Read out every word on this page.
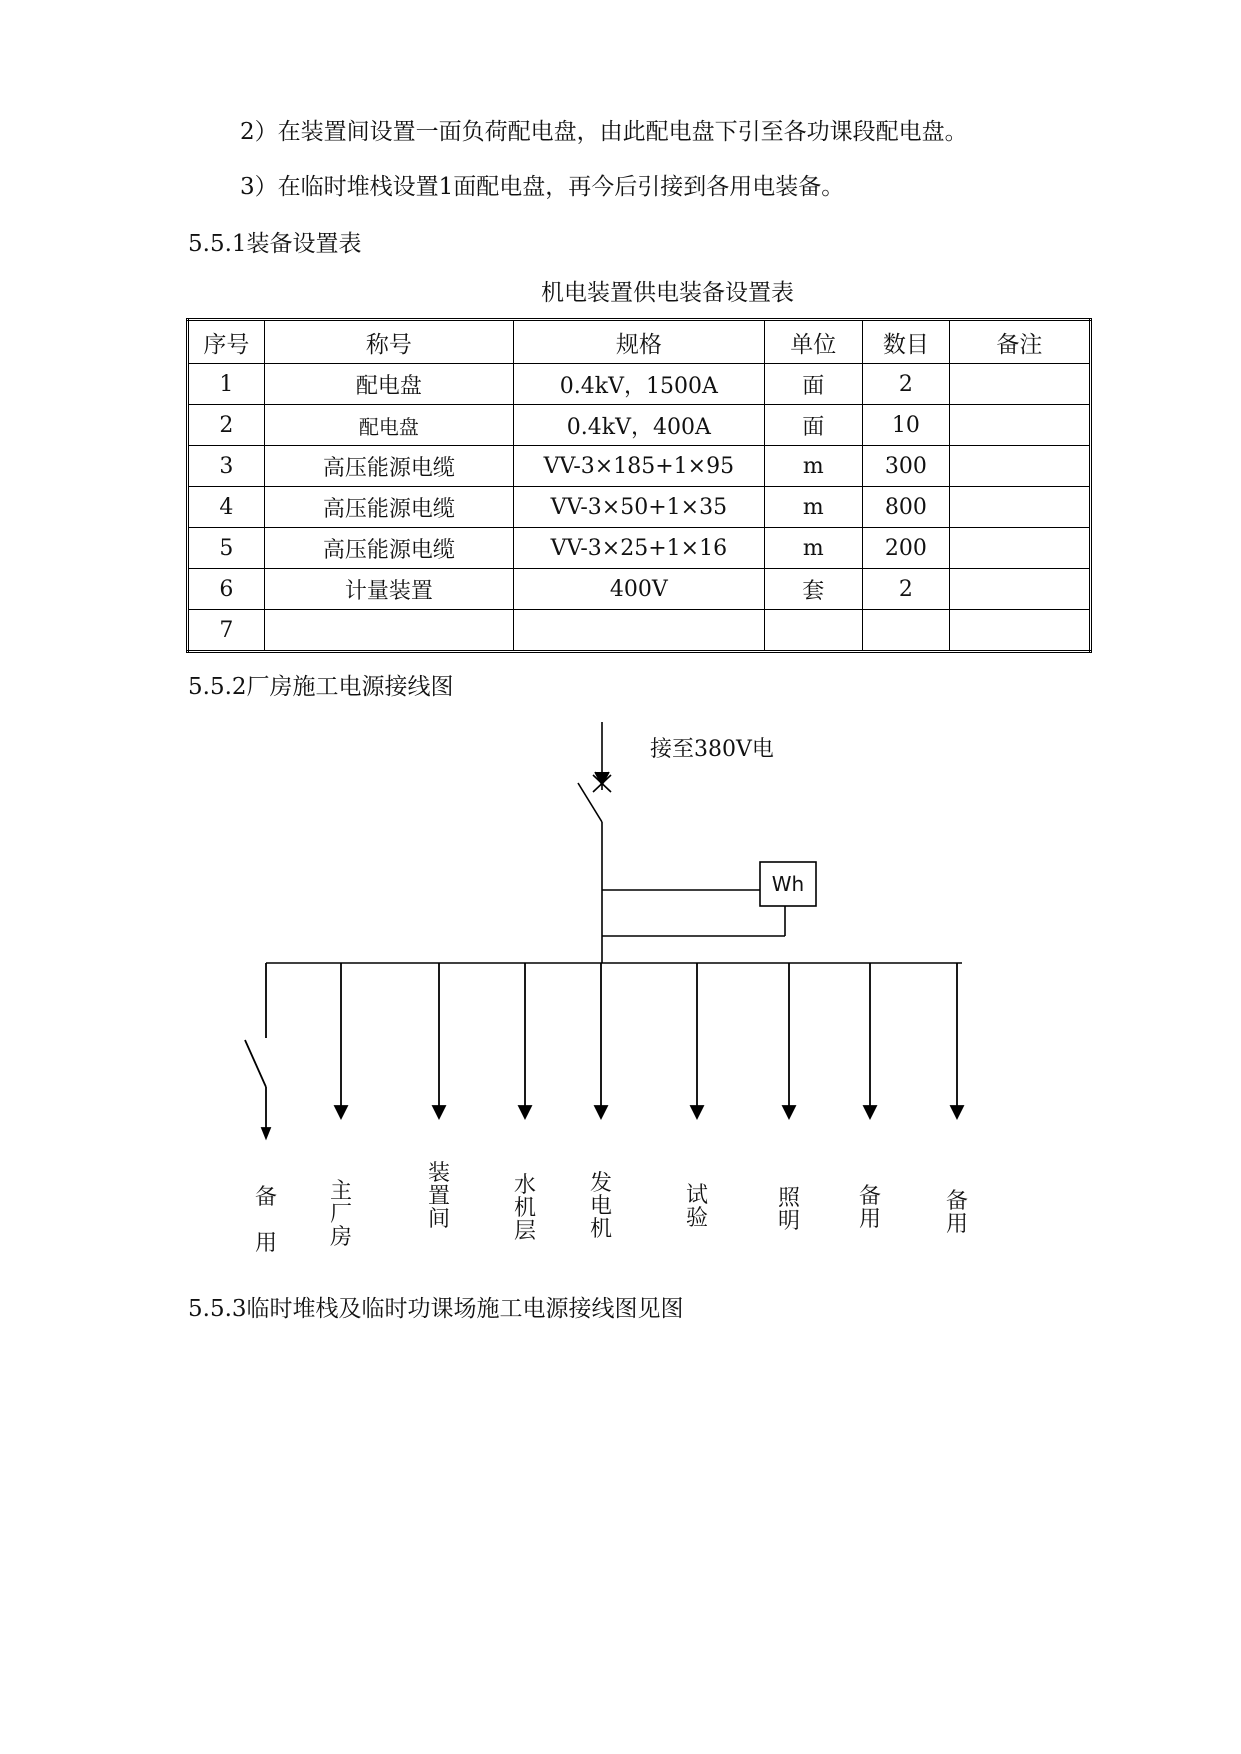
2）在装置间设置一面负荷配电盘，由此配电盘下引至各功课段配电盘。
3）在临时堆栈设置1面配电盘，再今后引接到各用电装备。
5.5.1装备设置表
机电装置供电装备设置表
序号	称号	规格	单位	数目	备注
1	配电盘	0.4kV，1500A	面	2	
2	配电盘	0.4kV，400A	面	10	
3	高压能源电缆	VV-3×185+1×95	m	300	
4	高压能源电缆	VV-3×50+1×35	m	800	
5	高压能源电缆	VV-3×25+1×16	m	200	
6	计量装置	400V	套	2	
7					
5.5.2厂房施工电源接线图
接至380V电
Wh
备
用
主
厂
房
装
置
间
水
机
层
发
电
机
试
验
照
明
备
用
备
用
5.5.3临时堆栈及临时功课场施工电源接线图见图
